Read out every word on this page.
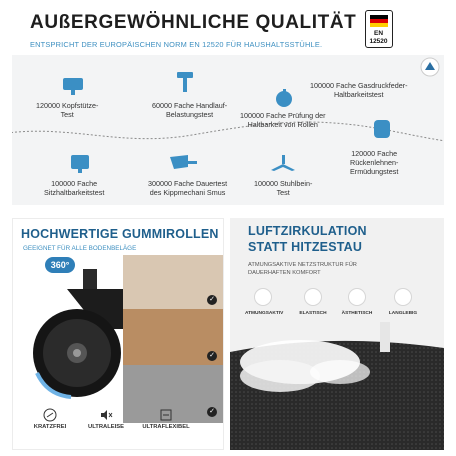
AUßERGEWÖHNLICHE QUALITÄT
ENTSPRICHT DER EUROPÄISCHEN NORM EN 12520 FÜR HAUSHALTSSTÜHLE.
EN
12520
120000 Kopfstütze-
Test
60000 Fache Handlauf-
Belastungstest	100000 Fache Prüfung der
Haltbarkeit von Rollen
100000 Fache Gasdruckfeder-
Haltbarkeitstest
100000 Fache
Sitzhaltbarkeitstest
300000 Fache Dauertest
des Kippmechani Smus
100000 Stuhlbein-
Test
120000 Fache
Rückenlehnen-
Ermüdungstest
HOCHWERTIGE GUMMIROLLEN
GEEIGNET FÜR ALLE BODENBELÄGE
✓
✓
✓
360°
KRATZFREI	ULTRALEISE	ULTRAFLEXIBEL
LUFTZIRKULATION
STATT HITZESTAU
ATMUNGSAKTIVE NETZSTRUKTUR FÜR
DAUERHAFTEN KOMFORT
ATMUNGSAKTIV	ELASTISCH	ÄSTHETISCH	LANGLEBIG
